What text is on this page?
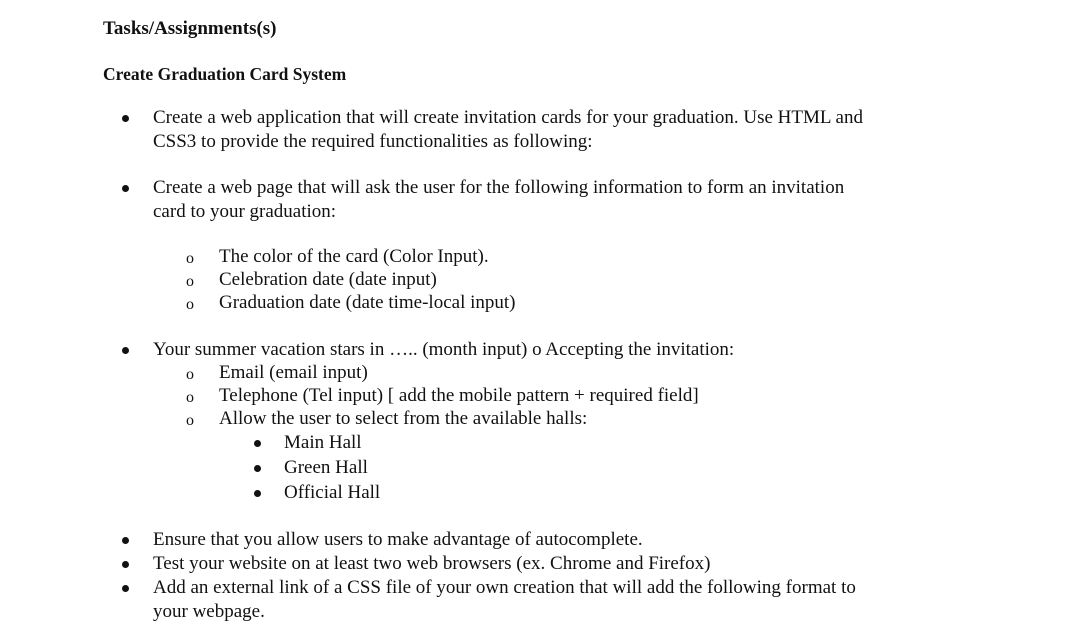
Tasks/Assignments(s)
Create Graduation Card System
Create a web application that will create invitation cards for your graduation. Use HTML and
CSS3 to provide the required functionalities as following:
Create a web page that will ask the user for the following information to form an invitation
card to your graduation:
o The color of the card (Color Input).
o Celebration date (date input)
o Graduation date (date time-local input)
Your summer vacation stars in ….. (month input) o Accepting the invitation:
o Email (email input)
o Telephone (Tel input) [ add the mobile pattern + required field]
o Allow the user to select from the available halls:
Main Hall
Green Hall
Official Hall
Ensure that you allow users to make advantage of autocomplete.
Test your website on at least two web browsers (ex. Chrome and Firefox)
Add an external link of a CSS file of your own creation that will add the following format to
your webpage.
